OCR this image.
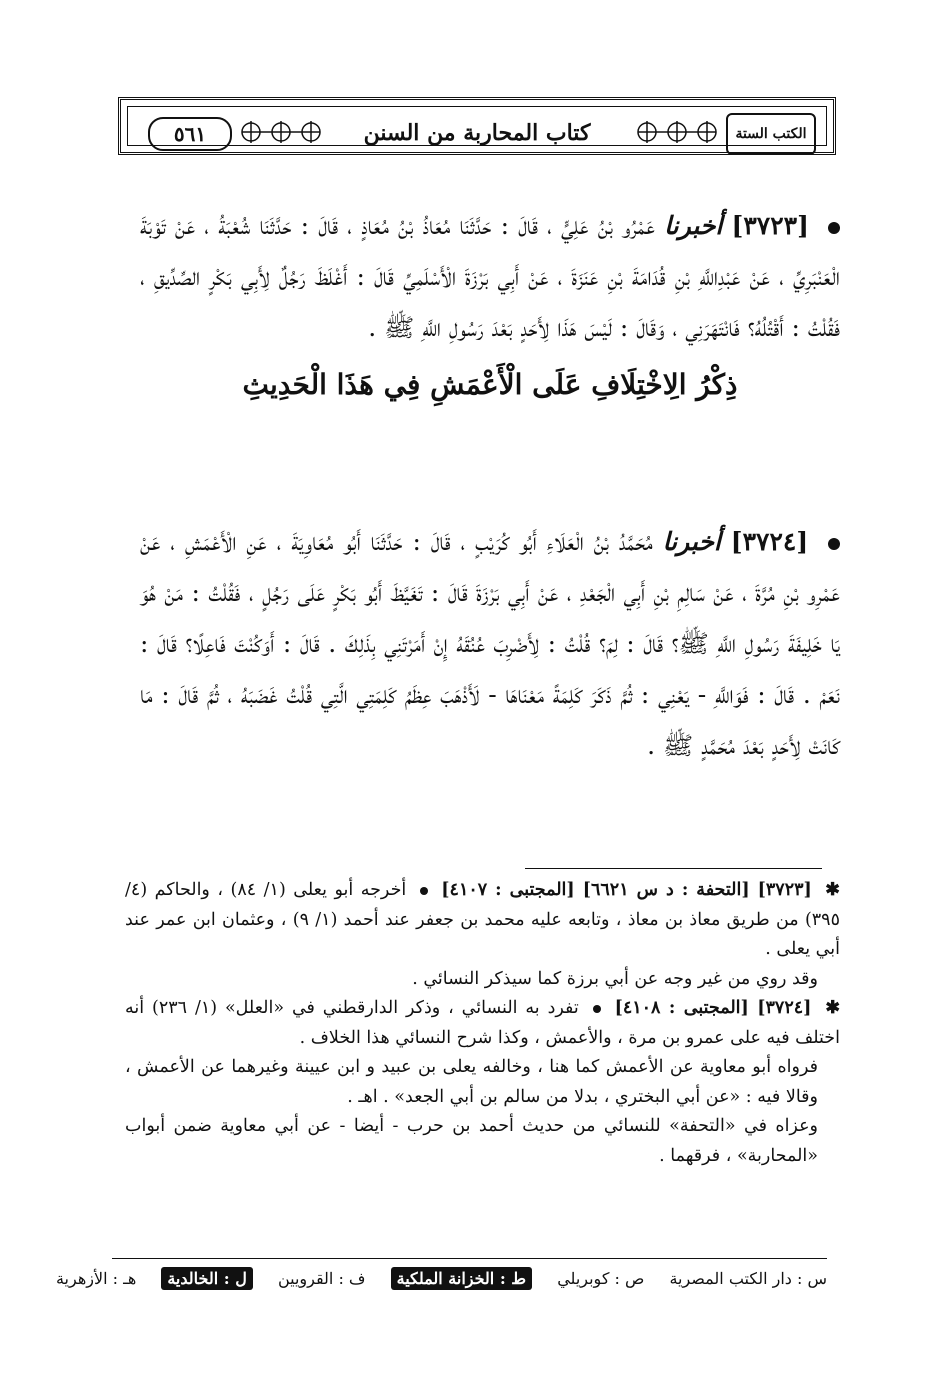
كتاب المحاربة من السنن
٥٦١	الكتب الستة

[٣٧٢٣] أخبرنا عَمْرُو بْنُ عَلِيٍّ ، قَالَ : حَدَّثَنَا مُعَاذُ بْنُ مُعَاذٍ ، قَالَ : حَدَّثَنَا شُعْبَةُ ، عَنْ تَوْبَةَ الْعَنْبَرِيِّ ، عَنْ عَبْدِاللَّهِ بْنِ قُدَامَةَ بْنِ عَنَزَةَ ، عَنْ أَبِي بَرْزَةَ الْأَسْلَمِيِّ قَالَ : أَغْلَظَ رَجُلٌ لِأَبِي بَكْرٍ الصِّدِّيقِ ، فَقُلْتُ : أَقْتُلُهُ؟ فَانْتَهَرَنِي ، وَقَالَ : لَيْسَ هَذَا لِأَحَدٍ بَعْدَ رَسُولِ اللَّهِ ﷺ .

ذِكْرُ الِاخْتِلَافِ عَلَى الْأَعْمَشِ فِي هَذَا الْحَدِيثِ

[٣٧٢٤] أخبرنا مُحَمَّدُ بْنُ الْعَلَاءِ أَبُو كُرَيْبٍ ، قَالَ : حَدَّثَنَا أَبُو مُعَاوِيَةَ ، عَنِ الْأَعْمَشِ ، عَنْ عَمْرِو بْنِ مُرَّةَ ، عَنْ سَالِمِ بْنِ أَبِي الْجَعْدِ ، عَنْ أَبِي بَرْزَةَ قَالَ : تَغَيَّظَ أَبُو بَكْرٍ عَلَى رَجُلٍ ، فَقُلْتُ : مَنْ هُوَ يَا خَلِيفَةَ رَسُولِ اللَّهِ ﷺ؟ قَالَ : لِمَ؟ قُلْتُ : لِأَضْرِبَ عُنُقَهُ إِنْ أَمَرْتَنِي بِذَلِكَ . قَالَ : أَوَكُنْتَ فَاعِلًا؟ قَالَ : نَعَمْ . قَالَ : فَوَاللَّهِ - يَعْنِي : ثُمَّ ذَكَرَ كَلِمَةً مَعْنَاهَا - لَأَذْهَبَ عِظَمُ كَلِمَتِي الَّتِي قُلْتُ غَضَبَهُ ، ثُمَّ قَالَ : مَا كَانَتْ لِأَحَدٍ بَعْدَ مُحَمَّدٍ ﷺ .

✱ [٣٧٢٣] [التحفة : د س ٦٦٢١] [المجتبى : ٤١٠٧]  أخرجه أبو يعلى (١/ ٨٤) ، والحاكم (٤/ ٣٩٥) من طريق معاذ بن معاذ ، وتابعه عليه محمد بن جعفر عند أحمد (١/ ٩) ، وعثمان ابن عمر عند أبي يعلى .

وقد روي من غير وجه عن أبي برزة كما سيذكر النسائي .

✱ [٣٧٢٤] [المجتبى : ٤١٠٨]  تفرد به النسائي ، وذكر الدارقطني في «العلل» (١/ ٢٣٦) أنه اختلف فيه على عمرو بن مرة ، والأعمش ، وكذا شرح النسائي هذا الخلاف .

فرواه أبو معاوية عن الأعمش كما هنا ، وخالفه يعلى بن عبيد و ابن عيينة وغيرهما عن الأعمش ، وقالا فيه : «عن أبي البختري ، بدلا من سالم بن أبي الجعد» . اهـ .

وعزاه في «التحفة» للنسائي من حديث أحمد بن حرب - أيضا - عن أبي معاوية ضمن أبواب «المحاربة» ، فرقهما .

س : دار الكتب المصرية ص : كوبريلي ط : الخزانة الملكية ف : القرويين ل : الخالدية هـ : الأزهرية
